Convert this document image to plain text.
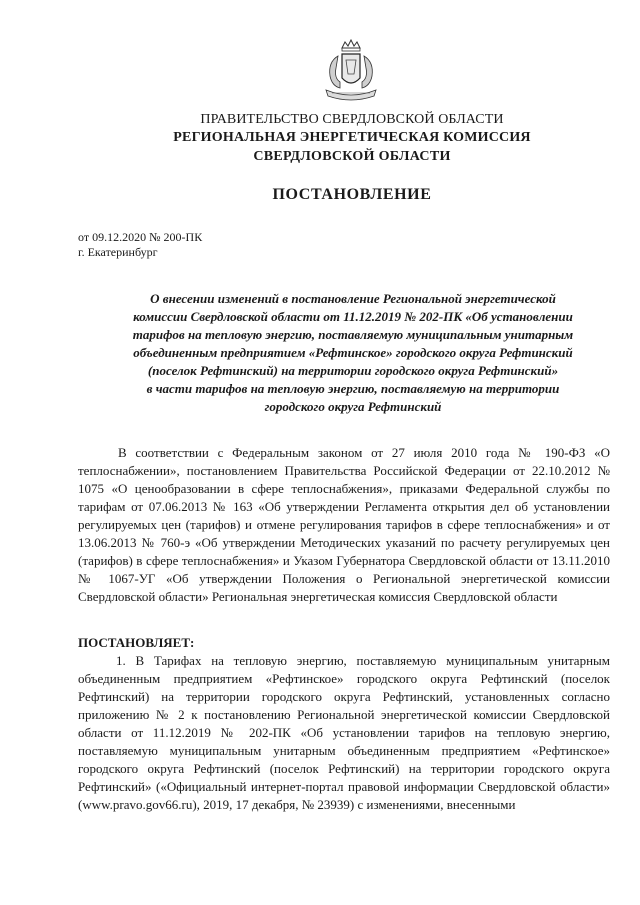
ПРАВИТЕЛЬСТВО СВЕРДЛОВСКОЙ ОБЛАСТИ
РЕГИОНАЛЬНАЯ ЭНЕРГЕТИЧЕСКАЯ КОМИССИЯ
СВЕРДЛОВСКОЙ ОБЛАСТИ
ПОСТАНОВЛЕНИЕ
от 09.12.2020 № 200-ПК
г. Екатеринбург
О внесении изменений в постановление Региональной энергетической
комиссии Свердловской области от 11.12.2019 № 202-ПК «Об установлении
тарифов на тепловую энергию, поставляемую муниципальным унитарным
объединенным предприятием «Рефтинское» городского округа Рефтинский
(поселок Рефтинский) на территории городского округа Рефтинский»
в части тарифов на тепловую энергию, поставляемую на территории
городского округа Рефтинский
В соответствии с Федеральным законом от 27 июля 2010 года № 190-ФЗ «О теплоснабжении», постановлением Правительства Российской Федерации от 22.10.2012 № 1075 «О ценообразовании в сфере теплоснабжения», приказами Федеральной службы по тарифам от 07.06.2013 № 163 «Об утверждении Регламента открытия дел об установлении регулируемых цен (тарифов) и отмене регулирования тарифов в сфере теплоснабжения» и от 13.06.2013 № 760-э «Об утверждении Методических указаний по расчету регулируемых цен (тарифов) в сфере теплоснабжения» и Указом Губернатора Свердловской области от 13.11.2010 № 1067-УГ «Об утверждении Положения о Региональной энергетической комиссии Свердловской области» Региональная энергетическая комиссия Свердловской области
ПОСТАНОВЛЯЕТ:
1. В Тарифах на тепловую энергию, поставляемую муниципальным унитарным объединенным предприятием «Рефтинское» городского округа Рефтинский (поселок Рефтинский) на территории городского округа Рефтинский, установленных согласно приложению № 2 к постановлению Региональной энергетической комиссии Свердловской области от 11.12.2019 № 202-ПК «Об установлении тарифов на тепловую энергию, поставляемую муниципальным унитарным объединенным предприятием «Рефтинское» городского округа Рефтинский (поселок Рефтинский) на территории городского округа Рефтинский» («Официальный интернет-портал правовой информации Свердловской области» (www.pravo.gov66.ru), 2019, 17 декабря, № 23939) с изменениями, внесенными
